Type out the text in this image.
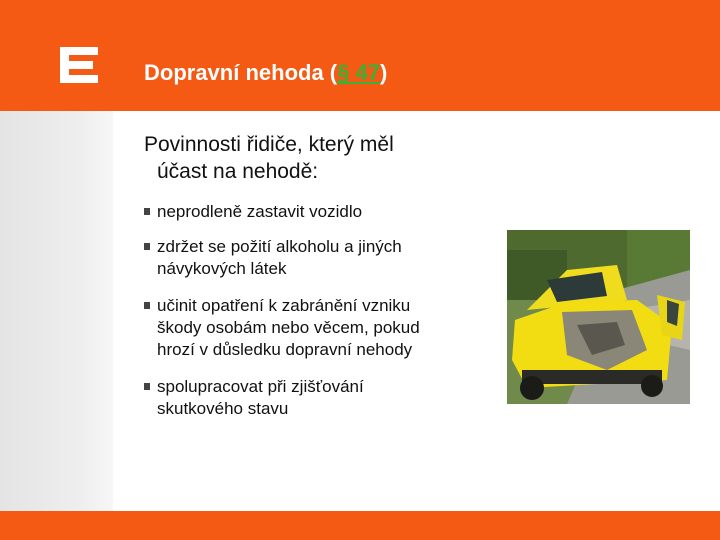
Dopravní nehoda (§ 47)
Povinnosti řidiče, který měl
účast na nehodě:
neprodleně zastavit vozidlo
zdržet se požití alkoholu a jiných
návykových látek
učinit opatření k zabránění vzniku
škody osobám nebo věcem, pokud
hrozí v důsledku dopravní nehody
spolupracovat při zjišťování
skutkového stavu
